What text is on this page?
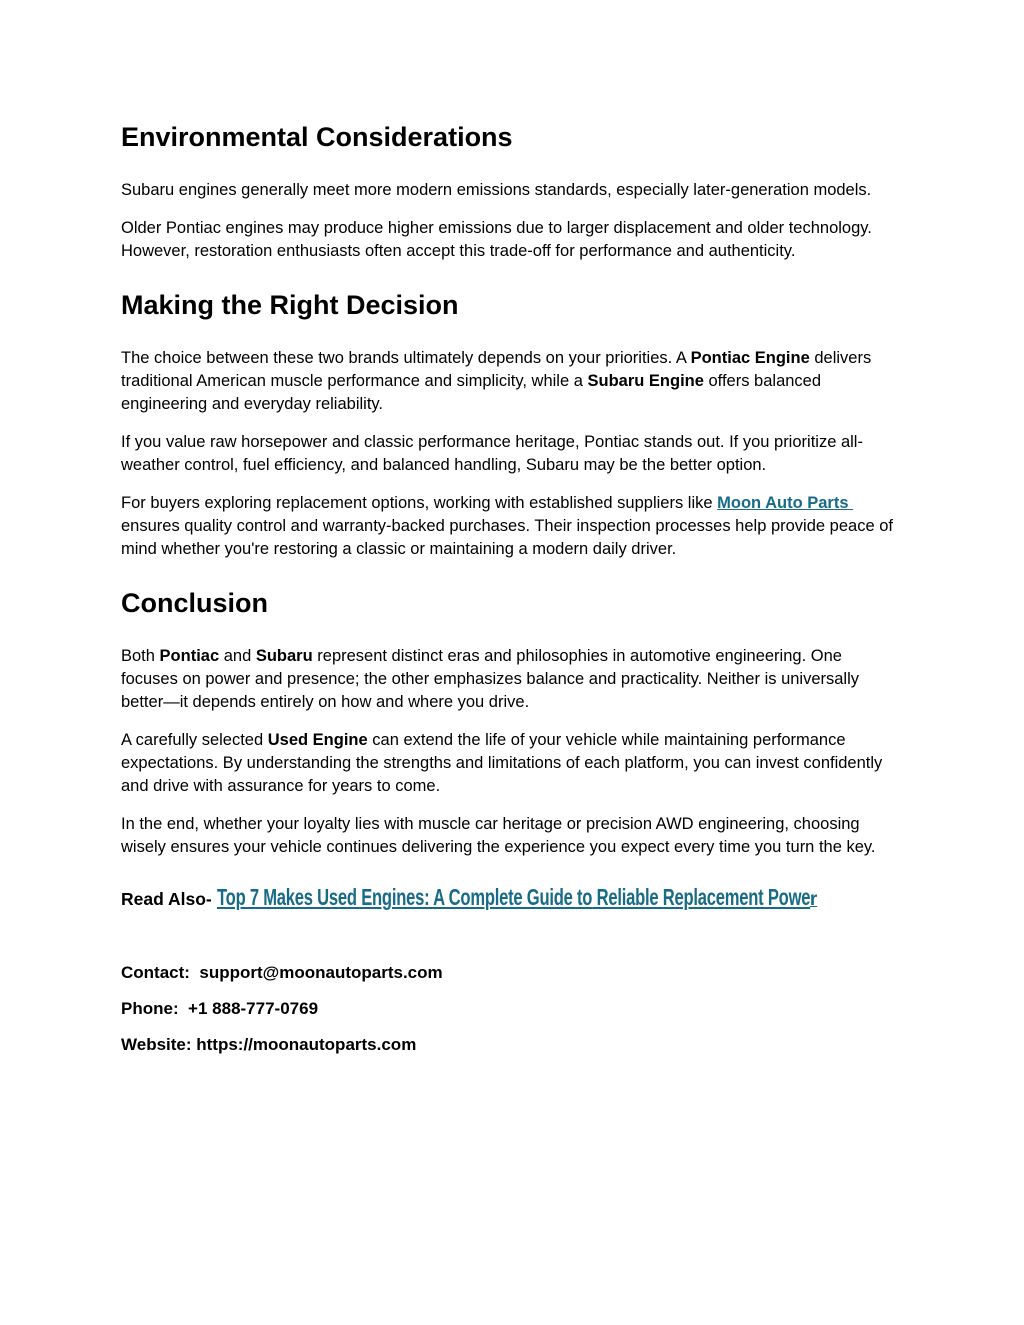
Environmental Considerations

Subaru engines generally meet more modern emissions standards, especially later-generation models.

Older Pontiac engines may produce higher emissions due to larger displacement and older technology. However, restoration enthusiasts often accept this trade-off for performance and authenticity.

Making the Right Decision

The choice between these two brands ultimately depends on your priorities. A Pontiac Engine delivers traditional American muscle performance and simplicity, while a Subaru Engine offers balanced engineering and everyday reliability.

If you value raw horsepower and classic performance heritage, Pontiac stands out. If you prioritize all-weather control, fuel efficiency, and balanced handling, Subaru may be the better option.

For buyers exploring replacement options, working with established suppliers like Moon Auto Parts ensures quality control and warranty-backed purchases. Their inspection processes help provide peace of mind whether you're restoring a classic or maintaining a modern daily driver.

Conclusion

Both Pontiac and Subaru represent distinct eras and philosophies in automotive engineering. One focuses on power and presence; the other emphasizes balance and practicality. Neither is universally better—it depends entirely on how and where you drive.

A carefully selected Used Engine can extend the life of your vehicle while maintaining performance expectations. By understanding the strengths and limitations of each platform, you can invest confidently and drive with assurance for years to come.

In the end, whether your loyalty lies with muscle car heritage or precision AWD engineering, choosing wisely ensures your vehicle continues delivering the experience you expect every time you turn the key.

Read Also- Top 7 Makes Used Engines: A Complete Guide to Reliable Replacement Power

Contact:  support@moonautoparts.com

Phone:  +1 888-777-0769

Website: https://moonautoparts.com
